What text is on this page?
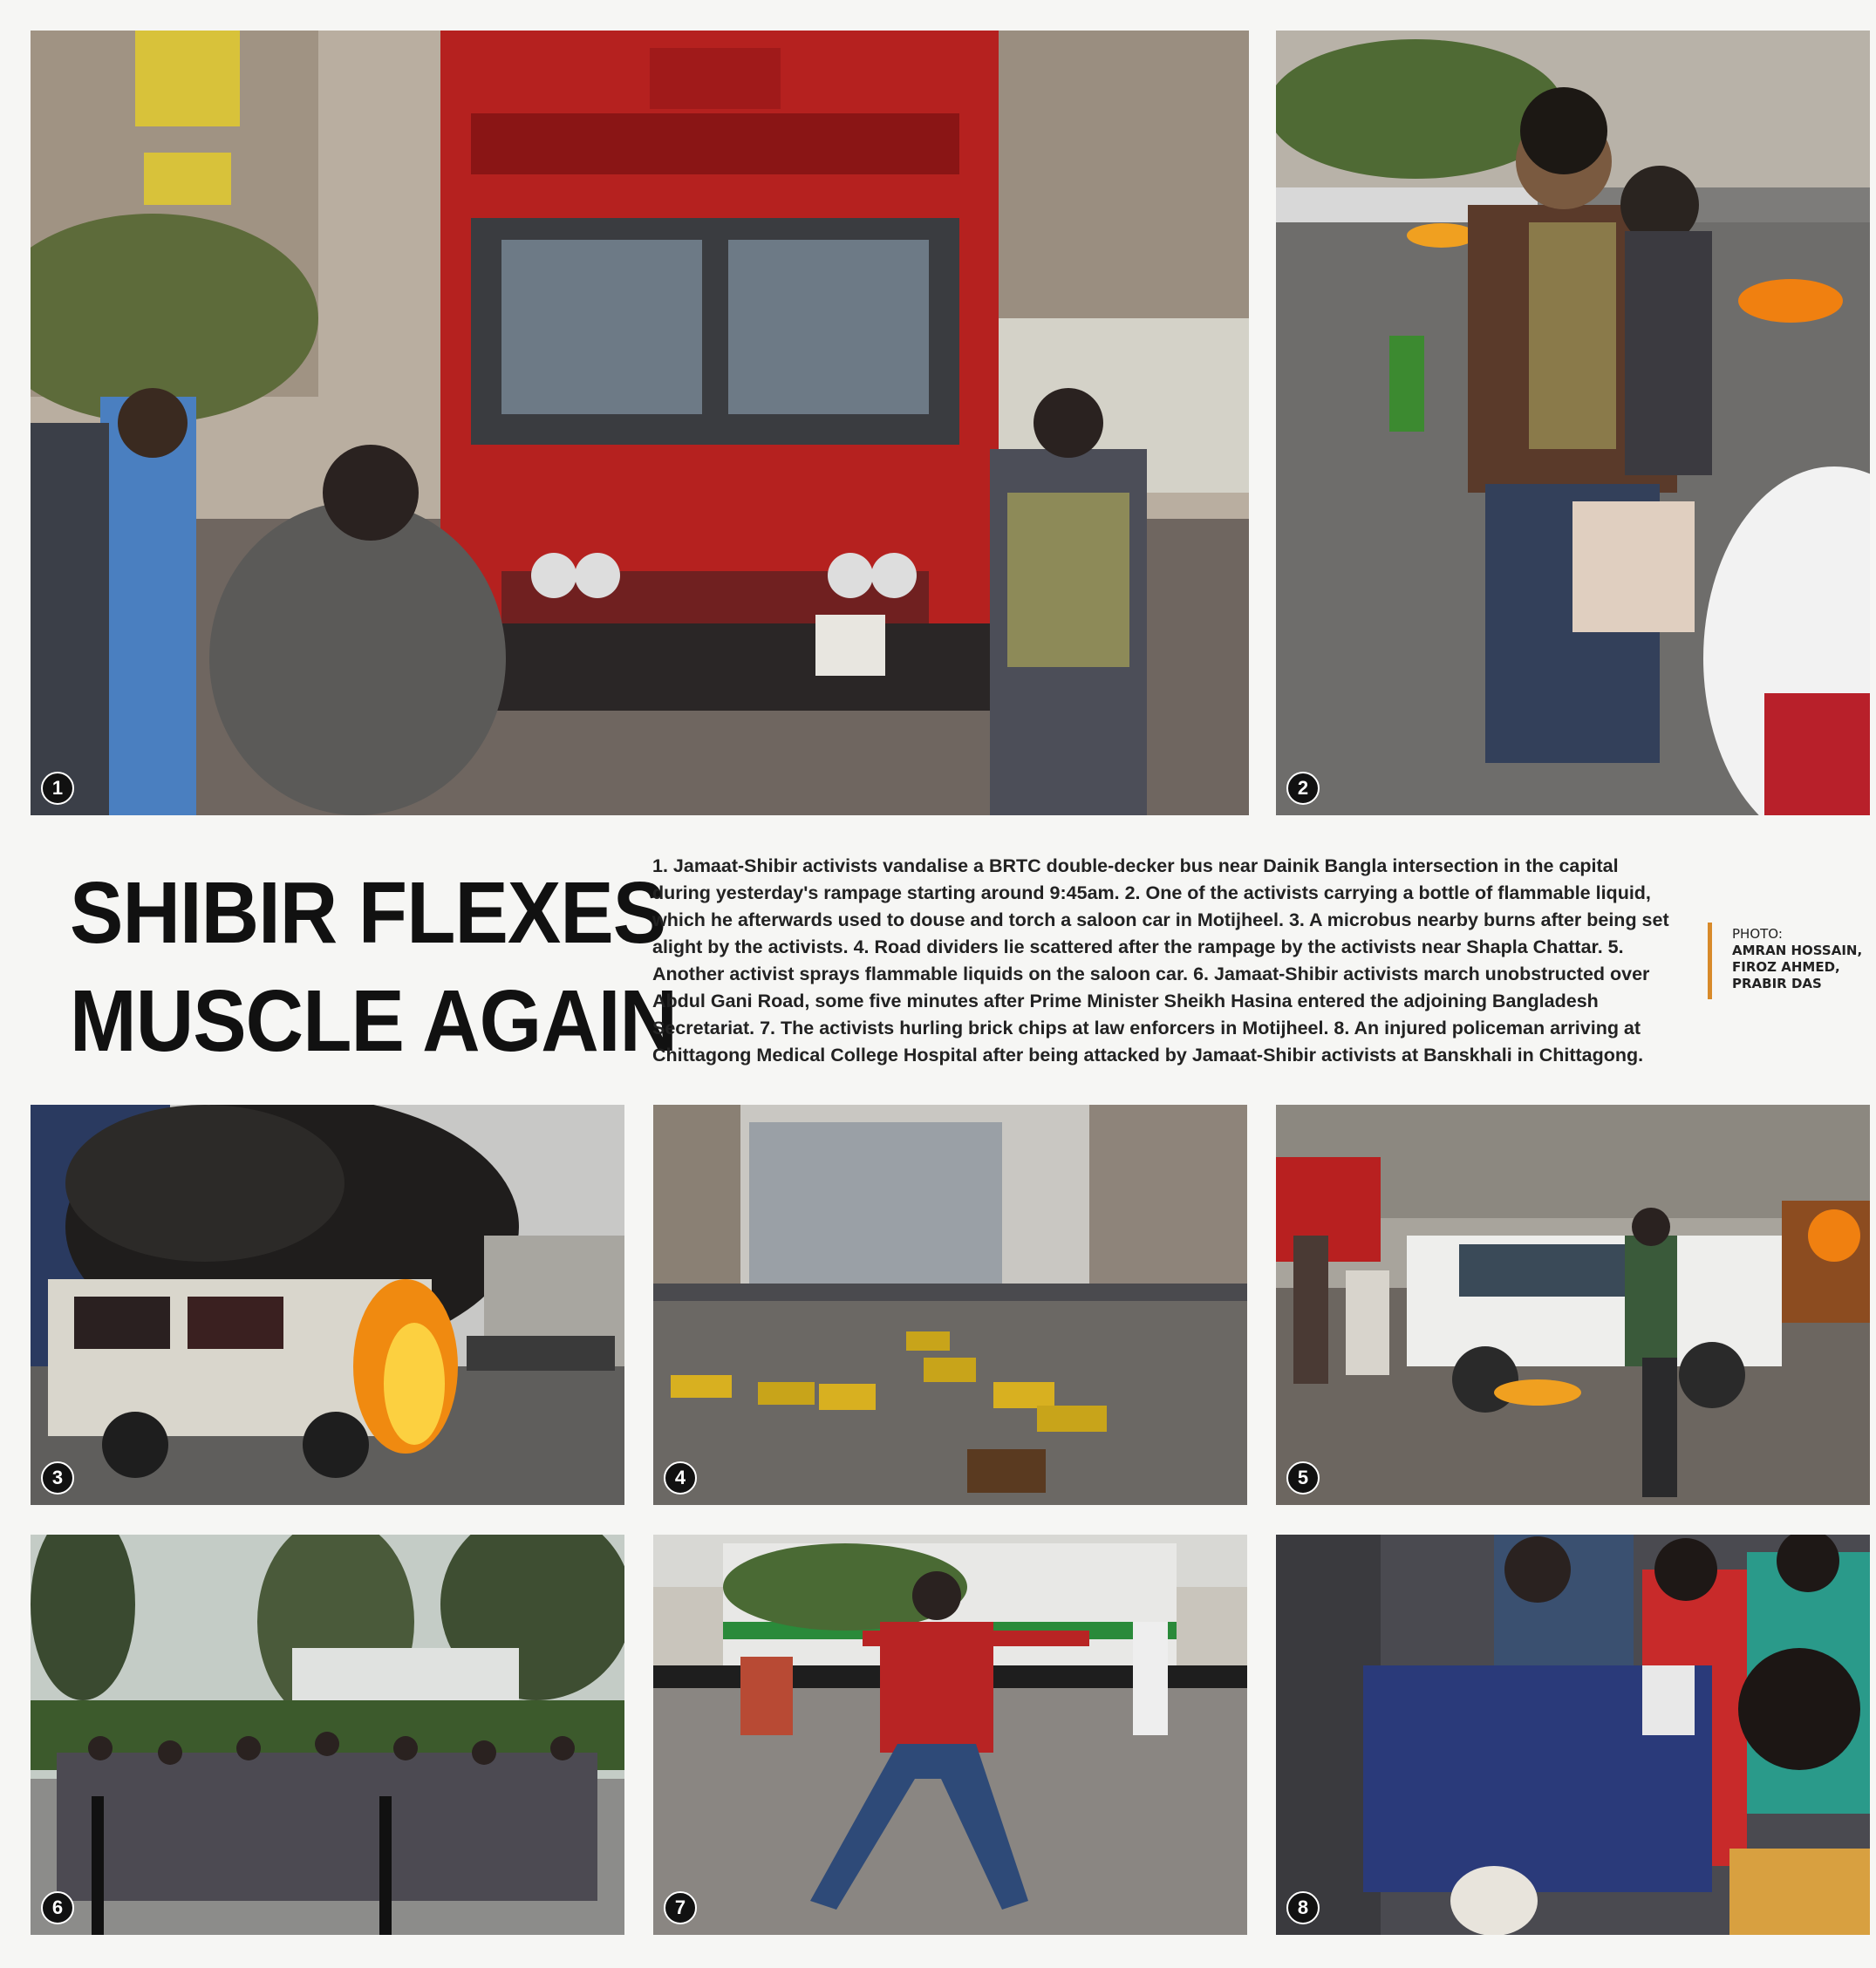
1	2
SHIBIR FLEXES
MUSCLE AGAIN
1. Jamaat-Shibir activists vandalise a BRTC double-decker bus near Dainik Bangla intersection in the capital during yesterday's rampage starting around 9:45am. 2. One of the activists carrying a bottle of flammable liquid, which he afterwards used to douse and torch a saloon car in Motijheel. 3. A microbus nearby burns after being set alight by the activists. 4. Road dividers lie scattered after the rampage by the activists near Shapla Chattar. 5. Another activist sprays flammable liquids on the saloon car. 6. Jamaat-Shibir activists march unobstructed over Abdul Gani Road, some five minutes after Prime Minister Sheikh Hasina entered the adjoining Bangladesh Secretariat. 7. The activists hurling brick chips at law enforcers in Motijheel. 8. An injured policeman arriving at Chittagong Medical College Hospital after being attacked by Jamaat-Shibir activists at Banskhali in Chittagong.
PHOTO:
AMRAN HOSSAIN,
FIROZ AHMED,
PRABIR DAS
3	4	5
6	7	8
